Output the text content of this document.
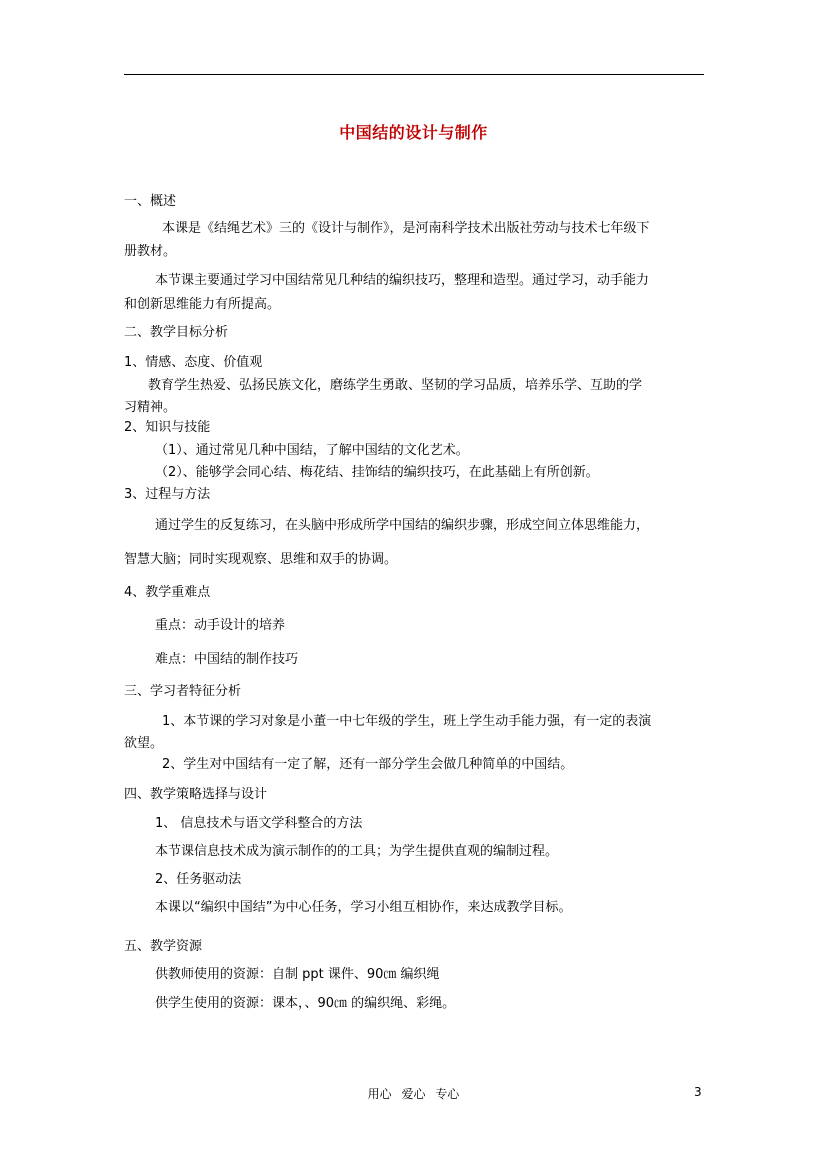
中国结的设计与制作
一、概述
本课是《结绳艺术》三的《设计与制作》，是河南科学技术出版社劳动与技术七年级下
册教材。
本节课主要通过学习中国结常见几种结的编织技巧，整理和造型。通过学习，动手能力
和创新思维能力有所提高。
二、教学目标分析
1、情感、态度、价值观
教育学生热爱、弘扬民族文化，磨练学生勇敢、坚韧的学习品质，培养乐学、互助的学
习精神。
2、知识与技能
（1）、通过常见几种中国结，了解中国结的文化艺术。
（2）、能够学会同心结、梅花结、挂饰结的编织技巧，在此基础上有所创新。
3、过程与方法
通过学生的反复练习，在头脑中形成所学中国结的编织步骤，形成空间立体思维能力，
智慧大脑；同时实现观察、思维和双手的协调。
4、教学重难点
重点：动手设计的培养
难点：中国结的制作技巧
三、学习者特征分析
1、本节课的学习对象是小董一中七年级的学生，班上学生动手能力强，有一定的表演
欲望。
2、学生对中国结有一定了解，还有一部分学生会做几种简单的中国结。
四、教学策略选择与设计
1、 信息技术与语文学科整合的方法
本节课信息技术成为演示制作的的工具；为学生提供直观的编制过程。
2、任务驱动法
本课以“编织中国结”为中心任务，学习小组互相协作，来达成教学目标。
五、教学资源
供教师使用的资源：自制 ppt 课件、90㎝ 编织绳
供学生使用的资源：课本，、90㎝ 的编织绳、彩绳。
用心 爱心 专心	3
